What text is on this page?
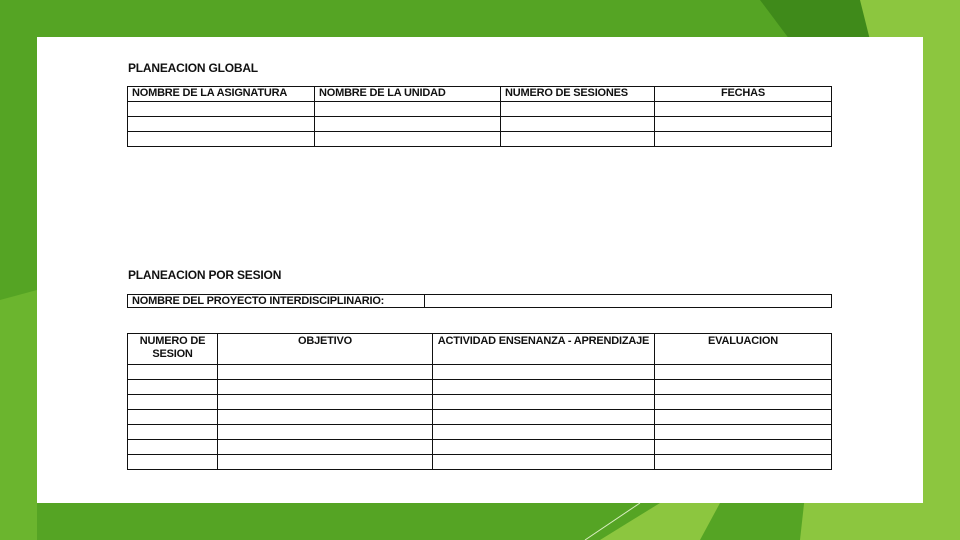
PLANEACION GLOBAL
NOMBRE DE LA ASIGNATURA	NOMBRE DE LA UNIDAD	NUMERO DE SESIONES	FECHAS

PLANEACION POR SESION
NOMBRE DEL PROYECTO INTERDISCIPLINARIO:	
NUMERO DE SESION	OBJETIVO	ACTIVIDAD ENSENANZA - APRENDIZAJE	EVALUACION
